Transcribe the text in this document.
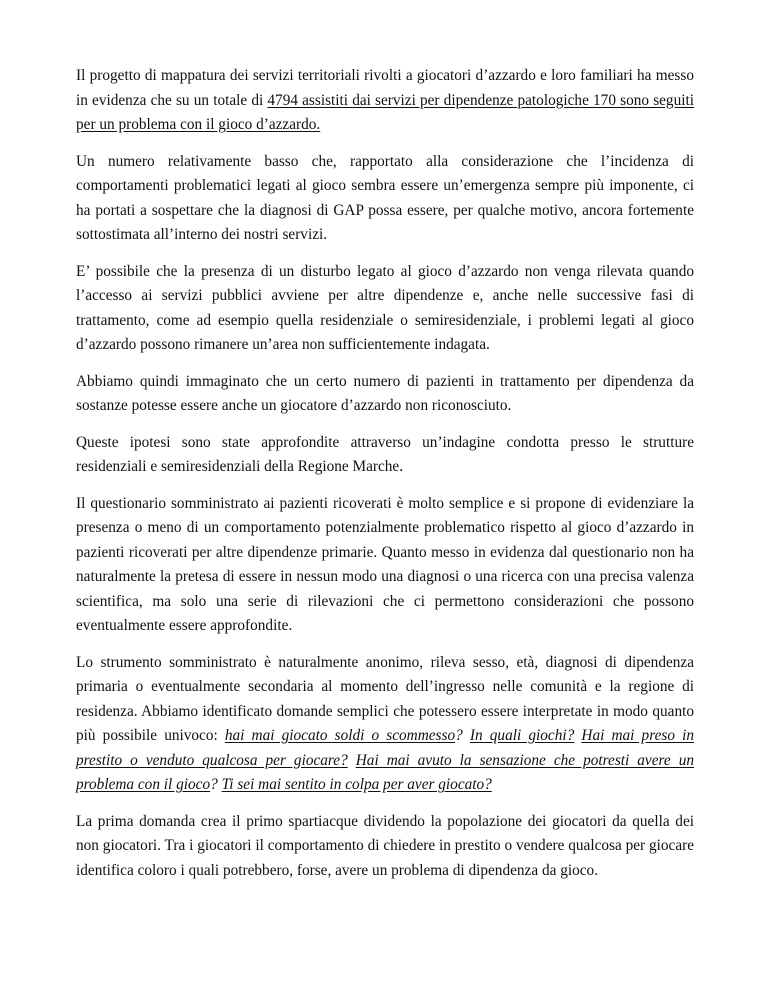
Il progetto di mappatura dei servizi territoriali rivolti a giocatori d’azzardo e loro familiari ha messo in evidenza che su un totale di 4794 assistiti dai servizi per dipendenze patologiche 170 sono seguiti per un problema con il gioco d’azzardo.

Un numero relativamente basso che, rapportato alla considerazione che l’incidenza di comportamenti problematici legati al gioco sembra essere un’emergenza sempre più imponente, ci ha portati a sospettare che la diagnosi di GAP possa essere, per qualche motivo, ancora fortemente sottostimata all’interno dei nostri servizi.

E’ possibile che la presenza di un disturbo legato al gioco d’azzardo non venga rilevata quando l’accesso ai servizi pubblici avviene per altre dipendenze e, anche nelle successive fasi di trattamento, come ad esempio quella residenziale o semiresidenziale, i problemi legati al gioco d’azzardo possono rimanere un’area non sufficientemente indagata.

Abbiamo quindi immaginato che un certo numero di pazienti in trattamento per dipendenza da sostanze potesse essere anche un giocatore d’azzardo non riconosciuto.

Queste ipotesi sono state approfondite attraverso un’indagine condotta presso le strutture residenziali e semiresidenziali della Regione Marche.

Il questionario somministrato ai pazienti ricoverati è molto semplice e si propone di evidenziare la presenza o meno di un comportamento potenzialmente problematico rispetto al gioco d’azzardo in pazienti ricoverati per altre dipendenze primarie. Quanto messo in evidenza dal questionario non ha naturalmente la pretesa di essere in nessun modo una diagnosi o una ricerca con una precisa valenza scientifica, ma solo una serie di rilevazioni che ci permettono considerazioni che possono eventualmente essere approfondite.

Lo strumento somministrato è naturalmente anonimo, rileva sesso, età, diagnosi di dipendenza primaria o eventualmente secondaria al momento dell’ingresso nelle comunità e la regione di residenza. Abbiamo identificato domande semplici che potessero essere interpretate in modo quanto più possibile univoco: hai mai giocato soldi o scommesso? In quali giochi? Hai mai preso in prestito o venduto qualcosa per giocare? Hai mai avuto la sensazione che potresti avere un problema con il gioco? Ti sei mai sentito in colpa per aver giocato?

La prima domanda crea il primo spartiacque dividendo la popolazione dei giocatori da quella dei non giocatori. Tra i giocatori il comportamento di chiedere in prestito o vendere qualcosa per giocare identifica coloro i quali potrebbero, forse, avere un problema di dipendenza da gioco.
